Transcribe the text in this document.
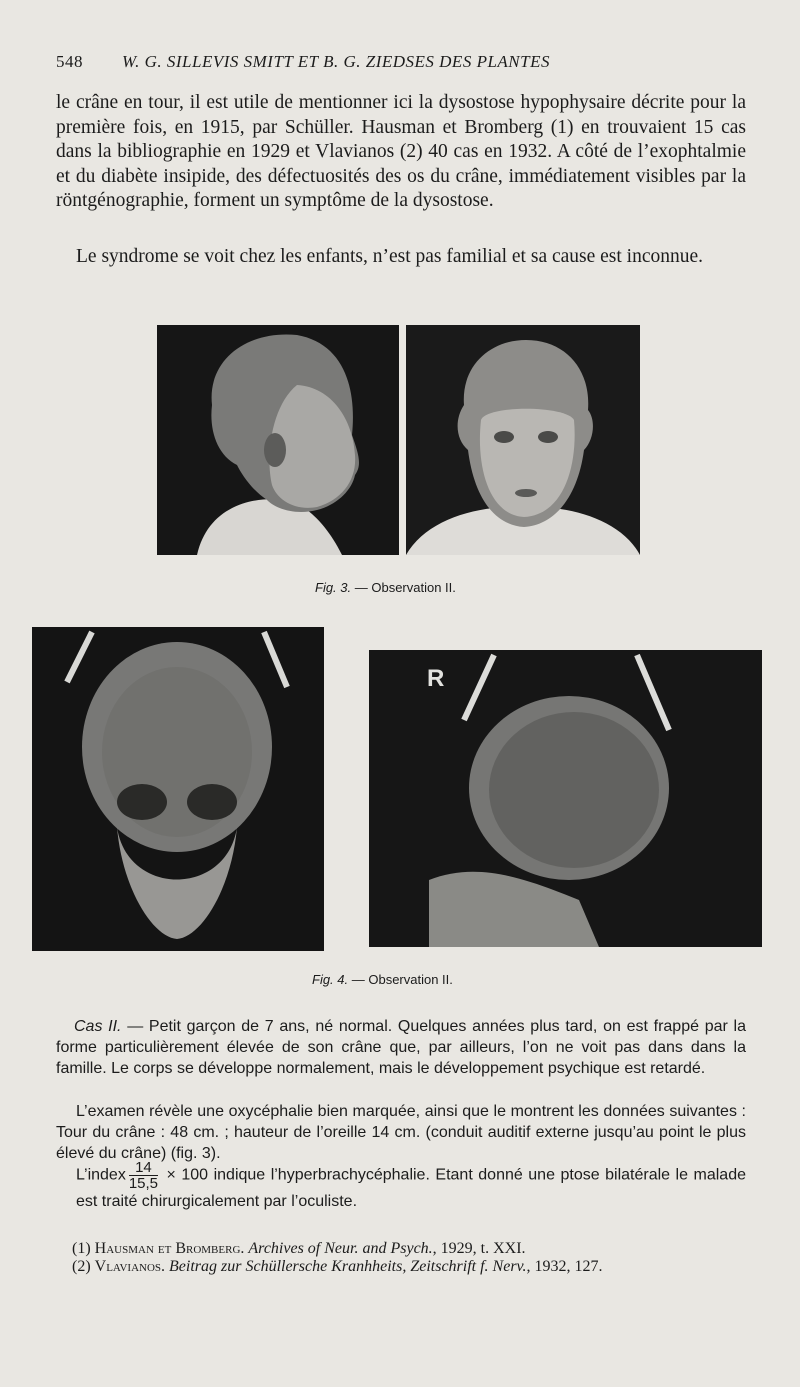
548 W. G. SILLEVIS SMITT ET B. G. ZIEDSES DES PLANTES
le crâne en tour, il est utile de mentionner ici la dysostose hypophysaire décrite pour la première fois, en 1915, par Schüller. Hausman et Bromberg (1) en trouvaient 15 cas dans la bibliographie en 1929 et Vlavianos (2) 40 cas en 1932. A côté de l’exophtalmie et du diabète insipide, des défectuosités des os du crâne, immédiatement visibles par la röntgénographie, forment un symptôme de la dysostose.
Le syndrome se voit chez les enfants, n’est pas familial et sa cause est inconnue.
Fig. 3. — Observation II.
R
Fig. 4. — Observation II.
Cas II. — Petit garçon de 7 ans, né normal. Quelques années plus tard, on est frappé par la forme particulièrement élevée de son crâne que, par ailleurs, l’on ne voit pas dans dans la famille. Le corps se développe normalement, mais le développement psychique est retardé.
L’examen révèle une oxycéphalie bien marquée, ainsi que le montrent les données suivantes : Tour du crâne : 48 cm. ; hauteur de l’oreille 14 cm. (conduit auditif externe jusqu’au point le plus élevé du crâne) (fig. 3).
L’index $\frac{14}{15,5} \times 100$ indique l’hyperbrachycéphalie. Etant donné une ptose bilatérale le malade est traité chirurgicalement par l’oculiste.
(1) Hausman et Bromberg. Archives of Neur. and Psych., 1929, t. XXI.
(2) Vlavianos. Beitrag zur Schüllersche Kranhheits, Zeitschrift f. Nerv., 1932, 127.
